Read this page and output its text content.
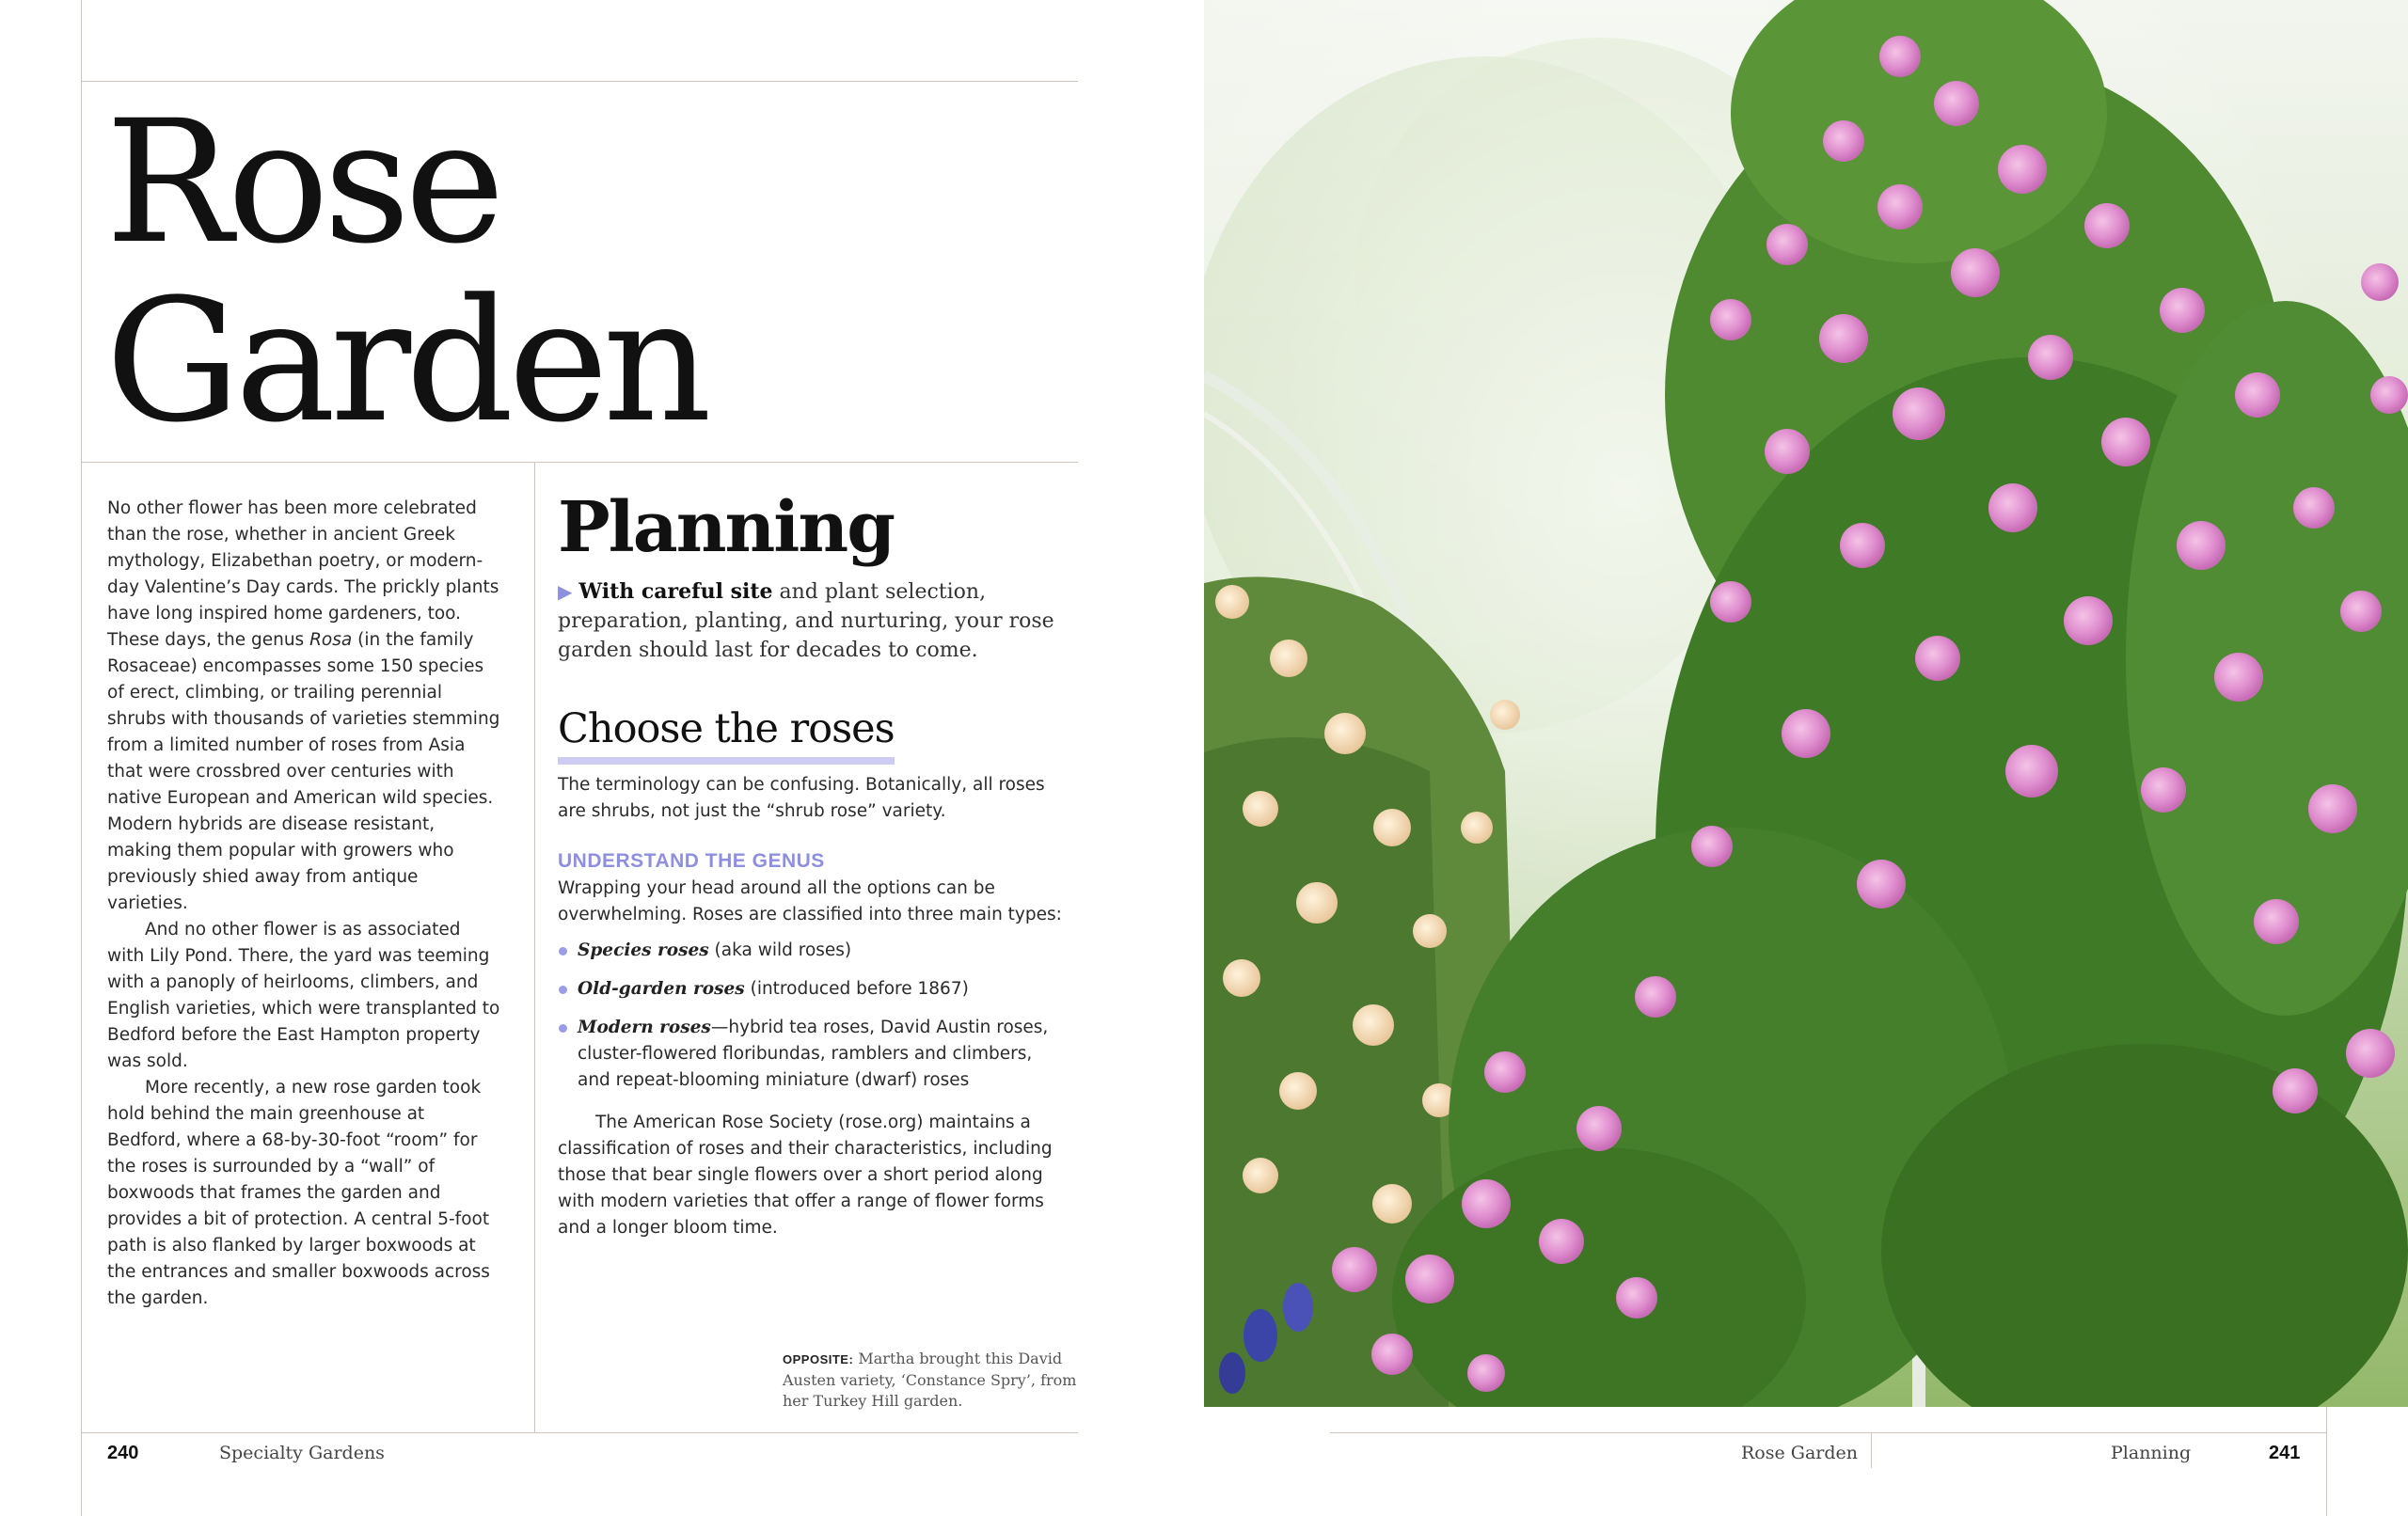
Rose
Garden

No other flower has been more celebrated than the rose, whether in ancient Greek mythology, Elizabethan poetry, or modern-day Valentine’s Day cards. The prickly plants have long inspired home gardeners, too. These days, the genus Rosa (in the family Rosaceae) encompasses some 150 species of erect, climbing, or trailing perennial shrubs with thousands of varieties stemming from a limited number of roses from Asia that were crossbred over centuries with native European and American wild species. Modern hybrids are disease resistant, making them popular with growers who previously shied away from antique varieties.

And no other flower is as associated with Lily Pond. There, the yard was teeming with a panoply of heirlooms, climbers, and English varieties, which were transplanted to Bedford before the East Hampton property was sold.

More recently, a new rose garden took hold behind the main greenhouse at Bedford, where a 68-by-30-foot “room” for the roses is surrounded by a “wall” of boxwoods that frames the garden and provides a bit of protection. A central 5-foot path is also flanked by larger boxwoods at the entrances and smaller boxwoods across the garden.

Planning
▶ With careful site and plant selection, preparation, planting, and nurturing, your rose garden should last for decades to come.
Choose the roses
The terminology can be confusing. Botanically, all roses are shrubs, not just the “shrub rose” variety.
UNDERSTAND THE GENUS
Wrapping your head around all the options can be overwhelming. Roses are classified into three main types:
Species roses (aka wild roses)
Old-garden roses (introduced before 1867)
Modern roses—hybrid tea roses, David Austin roses, cluster-flowered floribundas, ramblers and climbers, and repeat-blooming miniature (dwarf) roses
The American Rose Society (rose.org) maintains a classification of roses and their characteristics, including those that bear single flowers over a short period along with modern varieties that offer a range of flower forms and a longer bloom time.
OPPOSITE: Martha brought this David Austen variety, ‘Constance Spry’, from her Turkey Hill garden.
240	Specialty Gardens	Rose Garden	Planning	241
